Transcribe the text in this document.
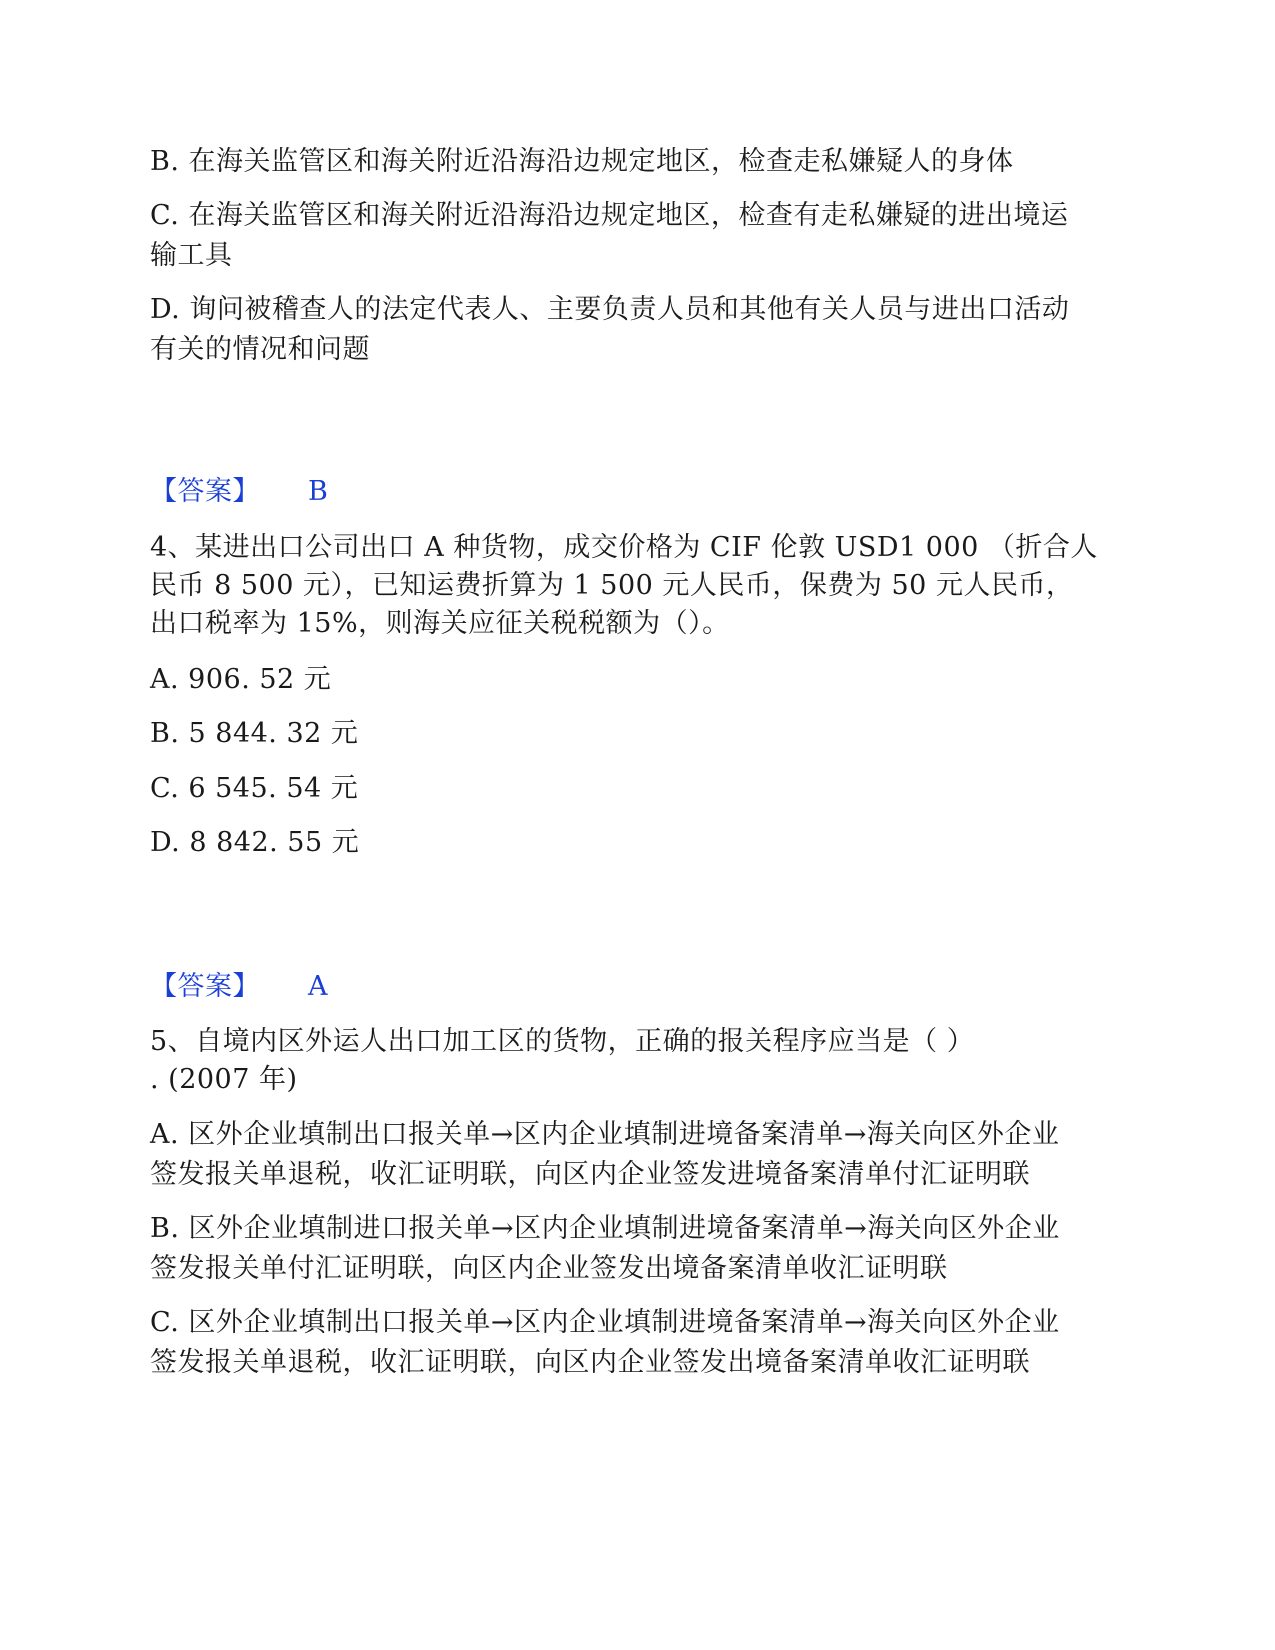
B. 在海关监管区和海关附近沿海沿边规定地区，检查走私嫌疑人的身体
C. 在海关监管区和海关附近沿海沿边规定地区，检查有走私嫌疑的进出境运
输工具
D. 询问被稽查人的法定代表人、主要负责人员和其他有关人员与进出口活动
有关的情况和问题
【答案】 B
4、某进出口公司出口 A 种货物，成交价格为 CIF 伦敦 USD1 000 （折合人
民币 8 500 元），已知运费折算为 1 500 元人民币，保费为 50 元人民币，
出口税率为 15%，则海关应征关税税额为（）。
A. 906. 52 元
B. 5 844. 32 元
C. 6 545. 54 元
D. 8 842. 55 元
【答案】 A
5、自境内区外运人出口加工区的货物，正确的报关程序应当是（ ）
. (2007 年)
A. 区外企业填制出口报关单→区内企业填制进境备案清单→海关向区外企业
签发报关单退税，收汇证明联，向区内企业签发进境备案清单付汇证明联
B. 区外企业填制进口报关单→区内企业填制进境备案清单→海关向区外企业
签发报关单付汇证明联，向区内企业签发出境备案清单收汇证明联
C. 区外企业填制出口报关单→区内企业填制进境备案清单→海关向区外企业
签发报关单退税，收汇证明联，向区内企业签发出境备案清单收汇证明联
